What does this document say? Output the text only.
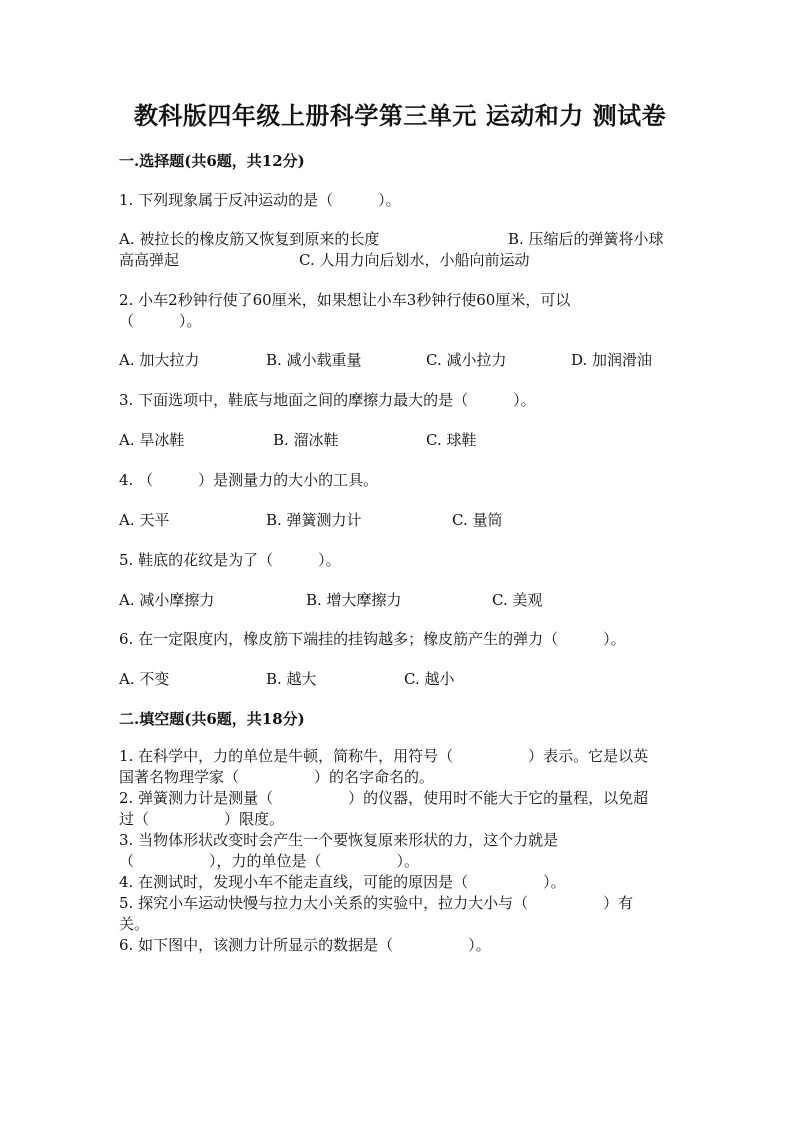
教科版四年级上册科学第三单元 运动和力 测试卷
一.选择题(共6题，共12分)
1. 下列现象属于反冲运动的是（　　　）。
A. 被拉长的橡皮筋又恢复到原来的长度	B. 压缩后的弹簧将小球
高高弹起	C. 人用力向后划水，小船向前运动
2. 小车2秒钟行使了60厘米，如果想让小车3秒钟行使60厘米，可以
（　　　）。
A. 加大拉力	B. 减小载重量	C. 减小拉力	D. 加润滑油
3. 下面选项中，鞋底与地面之间的摩擦力最大的是（　　　）。
A. 旱冰鞋	B. 溜冰鞋	C. 球鞋
4. （　　　）是测量力的大小的工具。
A. 天平	B. 弹簧测力计	C. 量筒
5. 鞋底的花纹是为了（　　　）。
A. 减小摩擦力	B. 增大摩擦力	C. 美观
6. 在一定限度内，橡皮筋下端挂的挂钩越多；橡皮筋产生的弹力（　　　）。
A. 不变	B. 越大	C. 越小
二.填空题(共6题，共18分)
1. 在科学中，力的单位是牛顿，简称牛，用符号（　　　　　）表示。它是以英
国著名物理学家（　　　　　）的名字命名的。
2. 弹簧测力计是测量（　　　　　）的仪器，使用时不能大于它的量程，以免超
过（　　　　　）限度。
3. 当物体形状改变时会产生一个要恢复原来形状的力，这个力就是
（　　　　　），力的单位是（　　　　　）。
4. 在测试时，发现小车不能走直线，可能的原因是（　　　　　）。
5. 探究小车运动快慢与拉力大小关系的实验中，拉力大小与（　　　　　）有
关。
6. 如下图中，该测力计所显示的数据是（　　　　　）。
